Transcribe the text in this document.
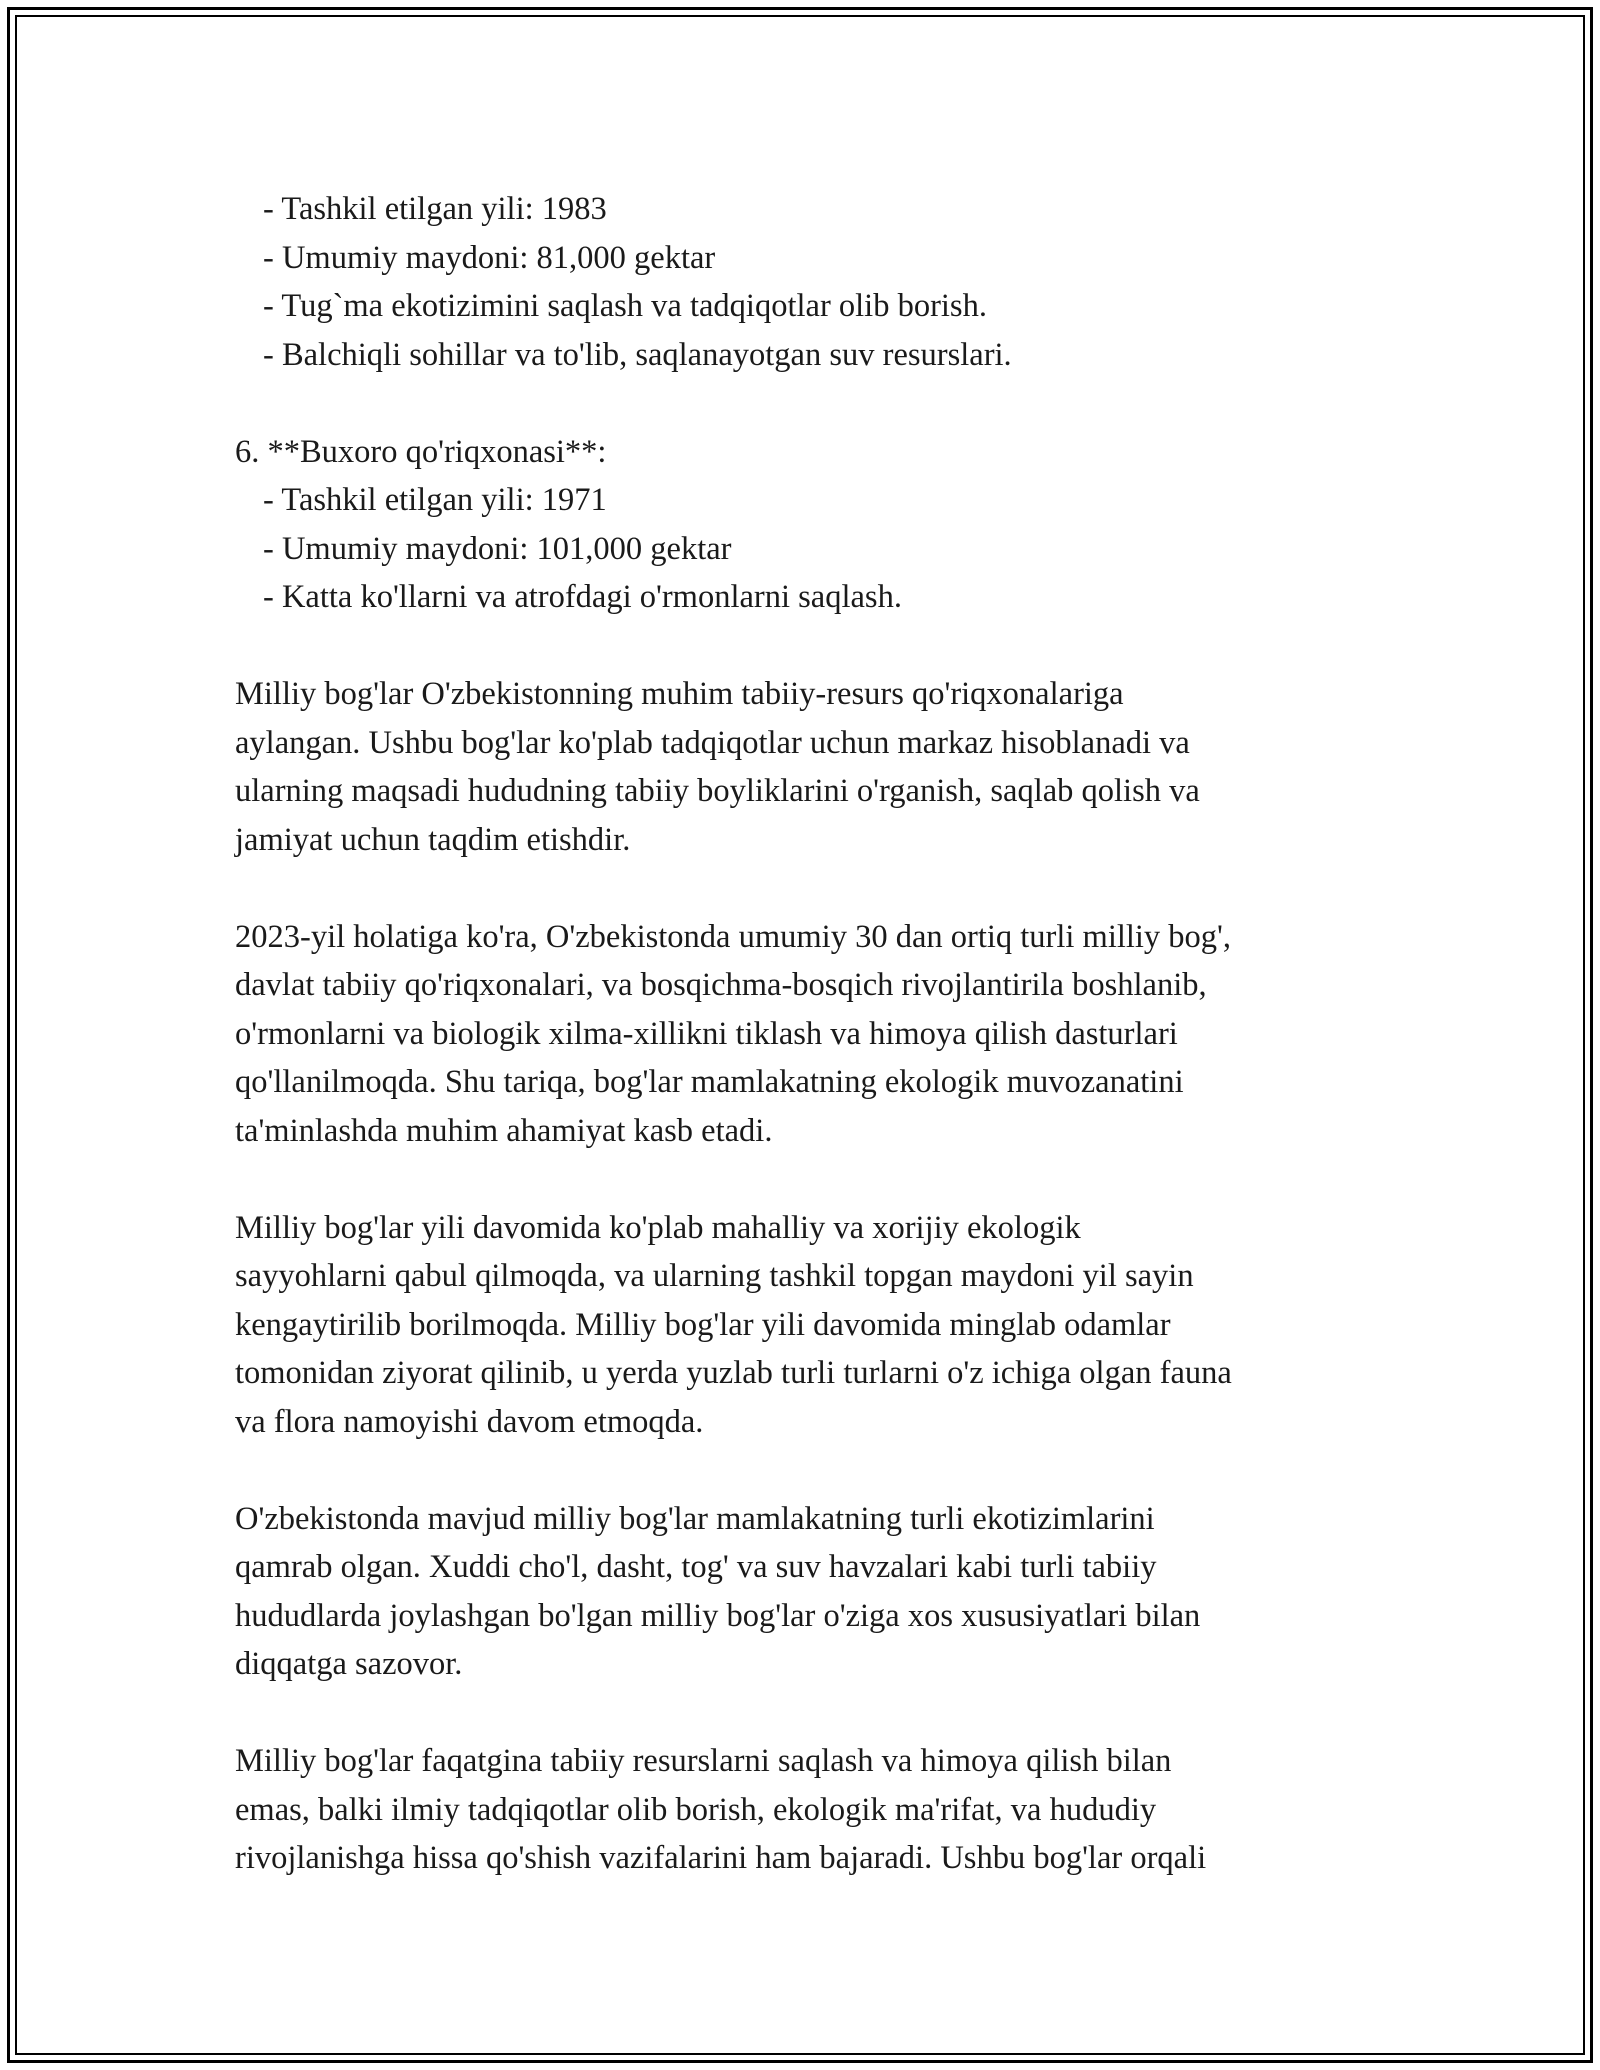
- Tashkil etilgan yili: 1983
- Umumiy maydoni: 81,000 gektar
- Tug`ma ekotizimini saqlash va tadqiqotlar olib borish.
- Balchiqli sohillar va to'lib, saqlanayotgan suv resurslari.
6. **Buxoro qo'riqxonasi**:
- Tashkil etilgan yili: 1971
- Umumiy maydoni: 101,000 gektar
- Katta ko'llarni va atrofdagi o'rmonlarni saqlash.
Milliy bog'lar O'zbekistonning muhim tabiiy-resurs qo'riqxonalariga
aylangan. Ushbu bog'lar ko'plab tadqiqotlar uchun markaz hisoblanadi va
ularning maqsadi hududning tabiiy boyliklarini o'rganish, saqlab qolish va
jamiyat uchun taqdim etishdir.
2023-yil holatiga ko'ra, O'zbekistonda umumiy 30 dan ortiq turli milliy bog',
davlat tabiiy qo'riqxonalari, va bosqichma-bosqich rivojlantirila boshlanib,
o'rmonlarni va biologik xilma-xillikni tiklash va himoya qilish dasturlari
qo'llanilmoqda. Shu tariqa, bog'lar mamlakatning ekologik muvozanatini
ta'minlashda muhim ahamiyat kasb etadi.
Milliy bog'lar yili davomida ko'plab mahalliy va xorijiy ekologik
sayyohlarni qabul qilmoqda, va ularning tashkil topgan maydoni yil sayin
kengaytirilib borilmoqda. Milliy bog'lar yili davomida minglab odamlar
tomonidan ziyorat qilinib, u yerda yuzlab turli turlarni o'z ichiga olgan fauna
va flora namoyishi davom etmoqda.
O'zbekistonda mavjud milliy bog'lar mamlakatning turli ekotizimlarini
qamrab olgan. Xuddi cho'l, dasht, tog' va suv havzalari kabi turli tabiiy
hududlarda joylashgan bo'lgan milliy bog'lar o'ziga xos xususiyatlari bilan
diqqatga sazovor.
Milliy bog'lar faqatgina tabiiy resurslarni saqlash va himoya qilish bilan
emas, balki ilmiy tadqiqotlar olib borish, ekologik ma'rifat, va hududiy
rivojlanishga hissa qo'shish vazifalarini ham bajaradi. Ushbu bog'lar orqali
